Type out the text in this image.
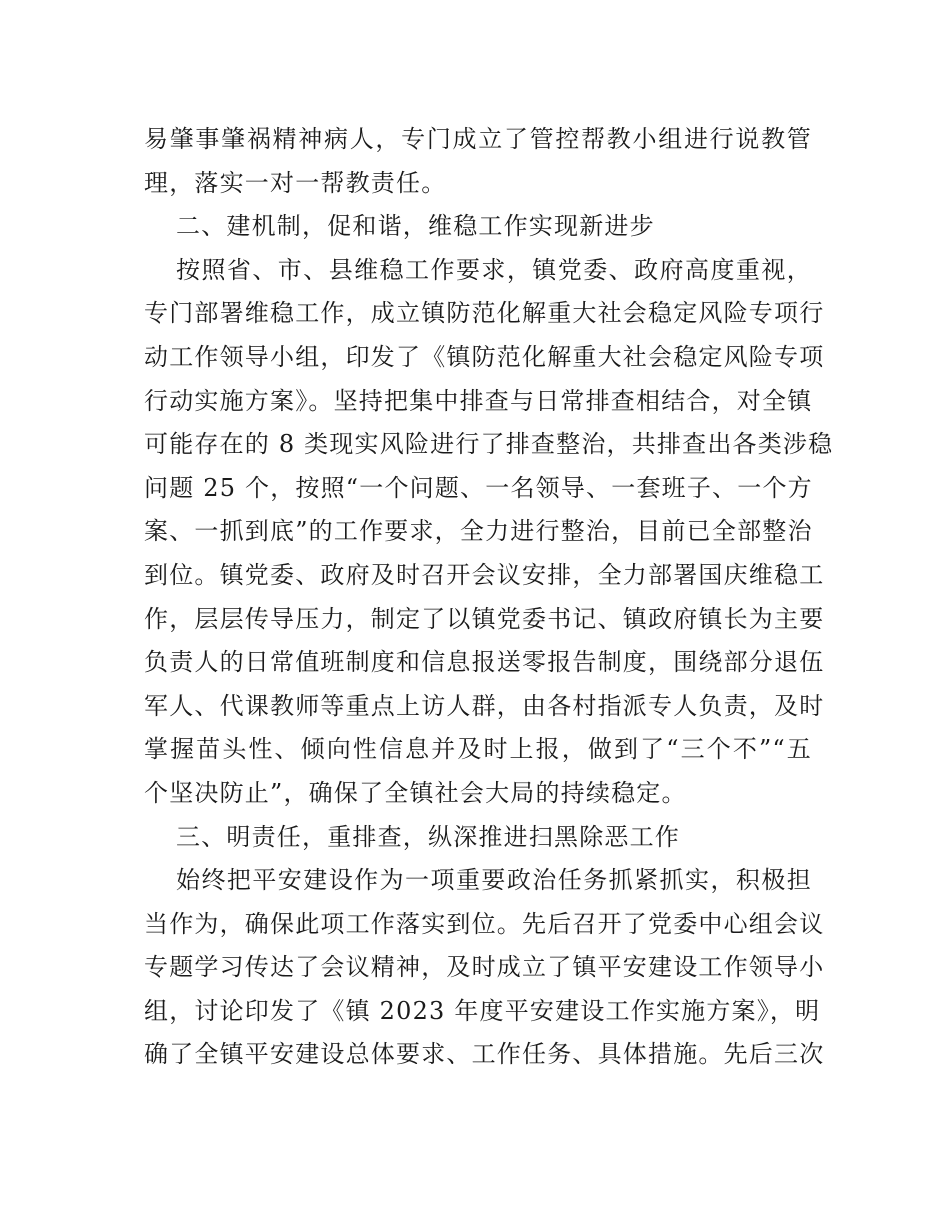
易肇事肇祸精神病人，专门成立了管控帮教小组进行说教管
理，落实一对一帮教责任。
二、建机制，促和谐，维稳工作实现新进步
按照省、市、县维稳工作要求，镇党委、政府高度重视，
专门部署维稳工作，成立镇防范化解重大社会稳定风险专项行
动工作领导小组，印发了《镇防范化解重大社会稳定风险专项
行动实施方案》。坚持把集中排查与日常排查相结合，对全镇
可能存在的 8 类现实风险进行了排查整治，共排查出各类涉稳
问题 25 个，按照“一个问题、一名领导、一套班子、一个方
案、一抓到底”的工作要求，全力进行整治，目前已全部整治
到位。镇党委、政府及时召开会议安排，全力部署国庆维稳工
作，层层传导压力，制定了以镇党委书记、镇政府镇长为主要
负责人的日常值班制度和信息报送零报告制度，围绕部分退伍
军人、代课教师等重点上访人群，由各村指派专人负责，及时
掌握苗头性、倾向性信息并及时上报，做到了“三个不”“五
个坚决防止”，确保了全镇社会大局的持续稳定。
三、明责任，重排查，纵深推进扫黑除恶工作
始终把平安建设作为一项重要政治任务抓紧抓实，积极担
当作为，确保此项工作落实到位。先后召开了党委中心组会议
专题学习传达了会议精神，及时成立了镇平安建设工作领导小
组，讨论印发了《镇 2023 年度平安建设工作实施方案》，明
确了全镇平安建设总体要求、工作任务、具体措施。先后三次
